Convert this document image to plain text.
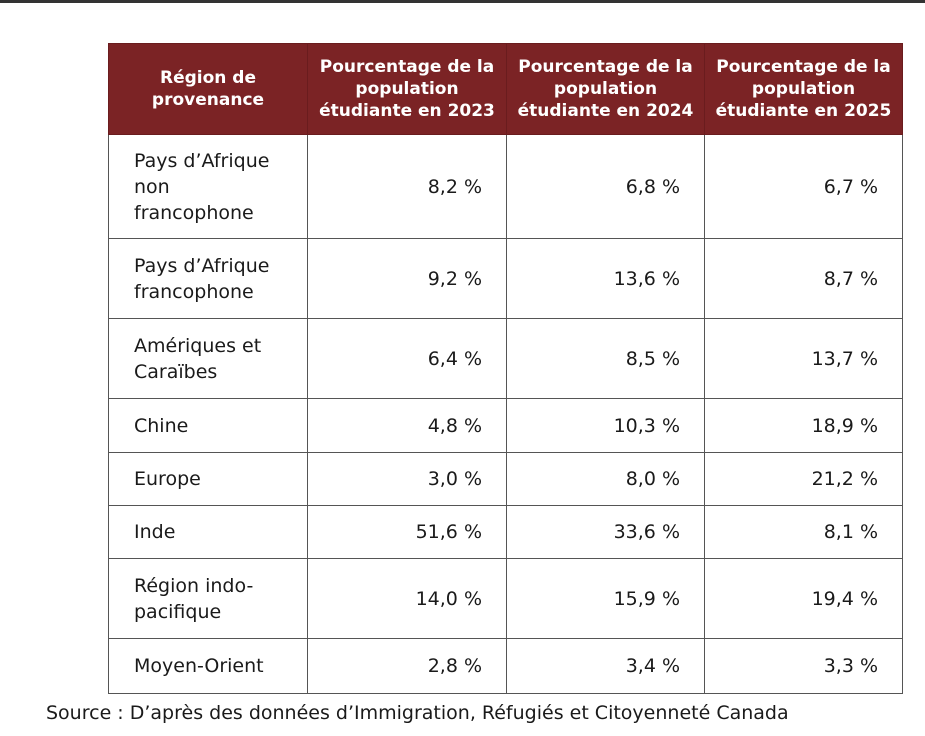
Région de provenance	Pourcentage de la population étudiante en 2023	Pourcentage de la population étudiante en 2024	Pourcentage de la population étudiante en 2025
Pays d’Afrique non francophone	8,2 %	6,8 %	6,7 %
Pays d’Afrique francophone	9,2 %	13,6 %	8,7 %
Amériques et Caraïbes	6,4 %	8,5 %	13,7 %
Chine	4,8 %	10,3 %	18,9 %
Europe	3,0 %	8,0 %	21,2 %
Inde	51,6 %	33,6 %	8,1 %
Région indo-pacifique	14,0 %	15,9 %	19,4 %
Moyen-Orient	2,8 %	3,4 %	3,3 %
Source : D’après des données d’Immigration, Réfugiés et Citoyenneté Canada
